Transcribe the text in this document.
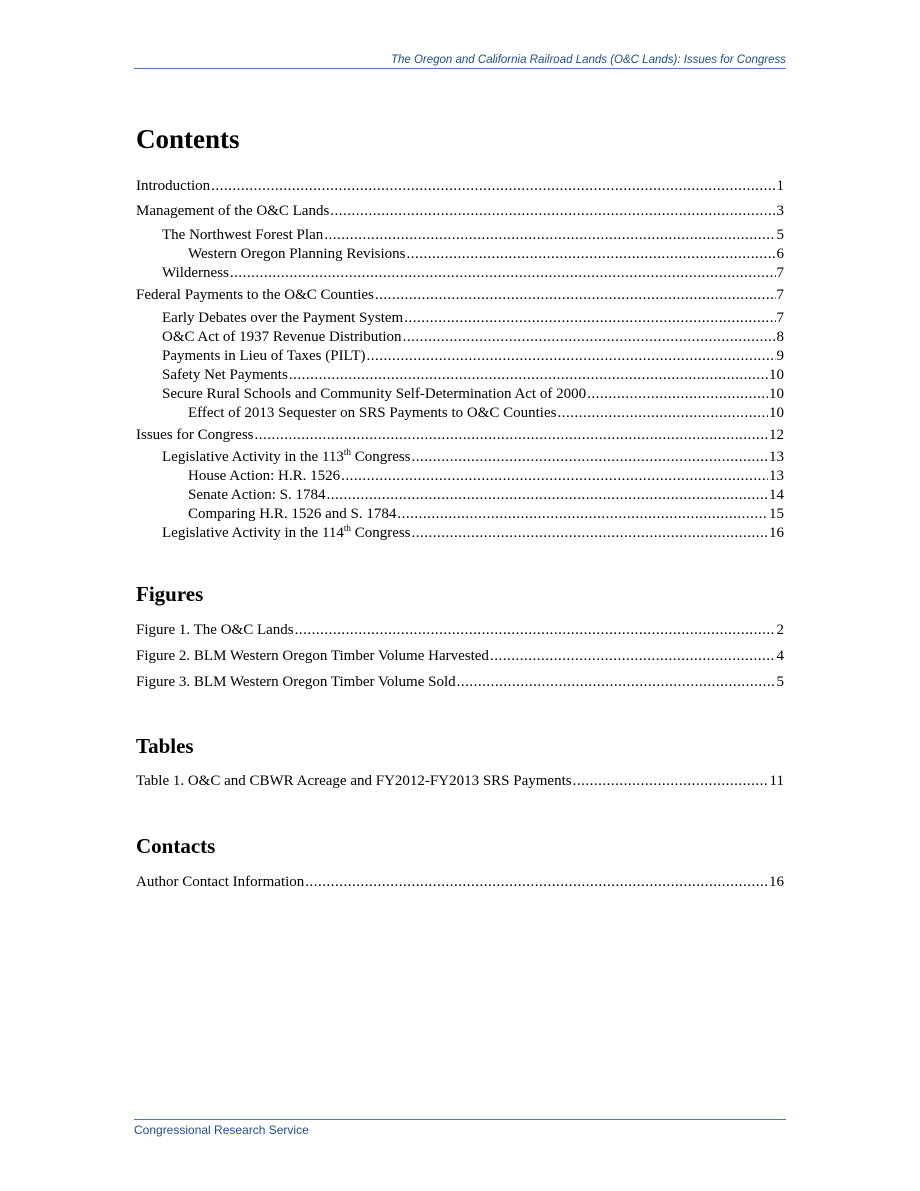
The Oregon and California Railroad Lands (O&C Lands): Issues for Congress
Contents
Introduction .....	1
Management of the O&C Lands .....	3
The Northwest Forest Plan .....	5
Western Oregon Planning Revisions .....	6
Wilderness .....	7
Federal Payments to the O&C Counties .....	7
Early Debates over the Payment System .....	7
O&C Act of 1937 Revenue Distribution .....	8
Payments in Lieu of Taxes (PILT) .....	9
Safety Net Payments .....	10
Secure Rural Schools and Community Self-Determination Act of 2000 .....	10
Effect of 2013 Sequester on SRS Payments to O&C Counties .....	10
Issues for Congress .....	12
Legislative Activity in the 113th Congress .....	13
House Action: H.R. 1526 .....	13
Senate Action: S. 1784 .....	14
Comparing H.R. 1526 and S. 1784 .....	15
Legislative Activity in the 114th Congress .....	16
Figures
Figure 1. The O&C Lands .....	2
Figure 2. BLM Western Oregon Timber Volume Harvested .....	4
Figure 3. BLM Western Oregon Timber Volume Sold .....	5
Tables
Table 1. O&C and CBWR Acreage and FY2012-FY2013 SRS Payments .....	11
Contacts
Author Contact Information .....	16
Congressional Research Service
